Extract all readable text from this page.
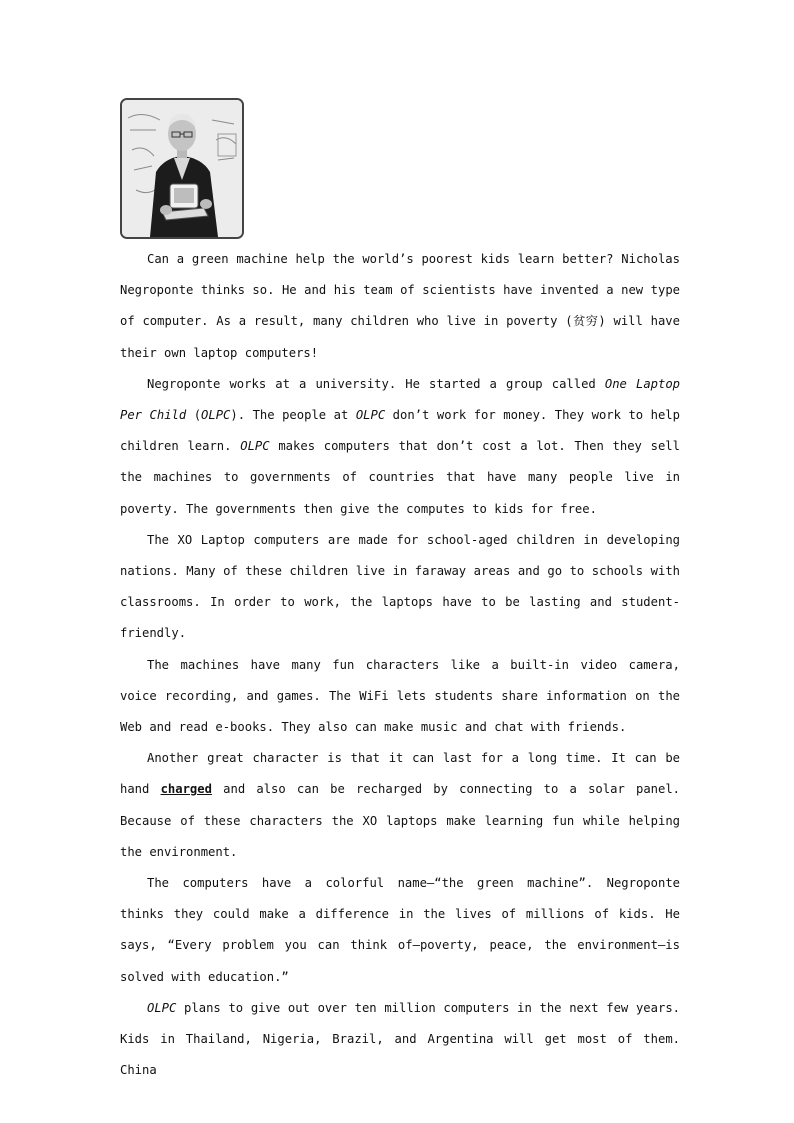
Can a green machine help the world’s poorest kids learn better? Nicholas Negroponte thinks so. He and his team of scientists have invented a new type of computer. As a result, many children who live in poverty (贫穷) will have their own laptop computers!

Negroponte works at a university. He started a group called One Laptop Per Child (OLPC). The people at OLPC don’t work for money. They work to help children learn. OLPC makes computers that don’t cost a lot. Then they sell the machines to governments of countries that have many people live in poverty. The governments then give the computes to kids for free.

The XO Laptop computers are made for school-aged children in developing nations. Many of these children live in faraway areas and go to schools with classrooms. In order to work, the laptops have to be lasting and student-friendly.

The machines have many fun characters like a built-in video camera, voice recording, and games. The WiFi lets students share information on the Web and read e-books. They also can make music and chat with friends.

Another great character is that it can last for a long time. It can be hand charged and also can be recharged by connecting to a solar panel. Because of these characters the XO laptops make learning fun while helping the environment.

The computers have a colorful name—“the green machine”. Negroponte thinks they could make a difference in the lives of millions of kids. He says, “Every problem you can think of—poverty, peace, the environment—is solved with education.”

OLPC plans to give out over ten million computers in the next few years. Kids in Thailand, Nigeria, Brazil, and Argentina will get most of them. China
